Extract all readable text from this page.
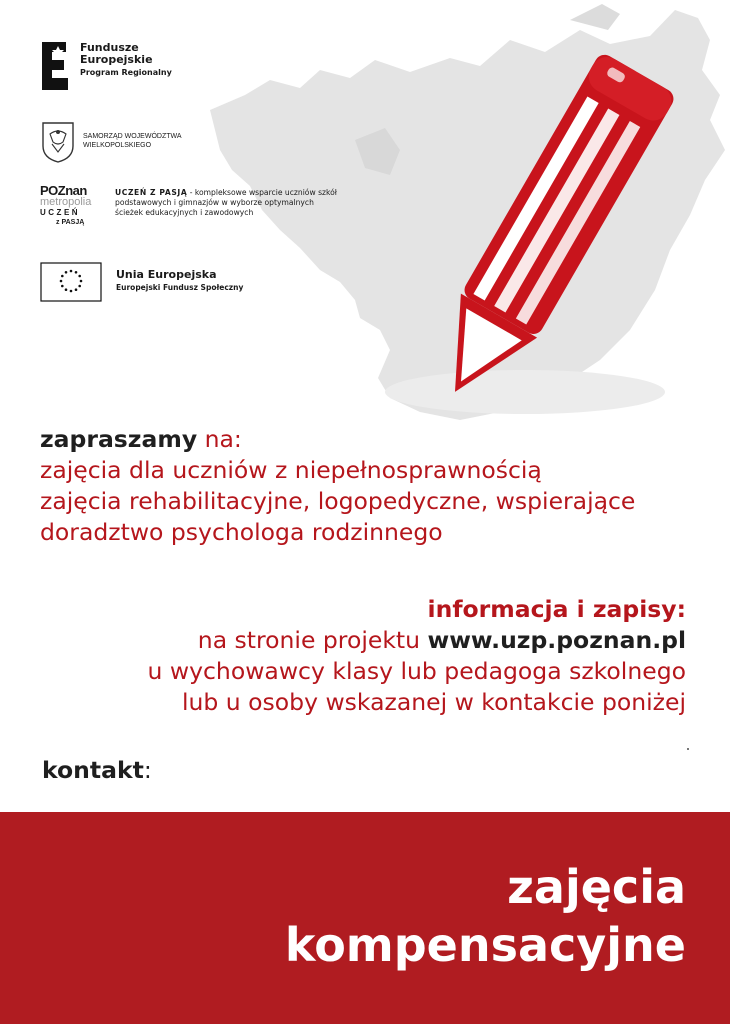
Fundusze
Europejskie
Program Regionalny
SAMORZĄD WOJEWÓDZTWA
WIELKOPOLSKIEGO
POZnan
metropolia
UCZEŃ
z PASJĄ
UCZEŃ Z PASJĄ - kompleksowe wsparcie uczniów szkół podstawowych i gimnazjów w wyborze optymalnych ścieżek edukacyjnych i zawodowych
Unia Europejska
Europejski Fundusz Społeczny
zapraszamy na:
zajęcia dla uczniów z niepełnosprawnością
zajęcia rehabilitacyjne, logopedyczne, wspierające
doradztwo psychologa rodzinnego
informacja i zapisy:
na stronie projektu www.uzp.poznan.pl
u wychowawcy klasy lub pedagoga szkolnego
lub u osoby wskazanej w kontakcie poniżej
kontakt:
zajęcia
kompensacyjne
